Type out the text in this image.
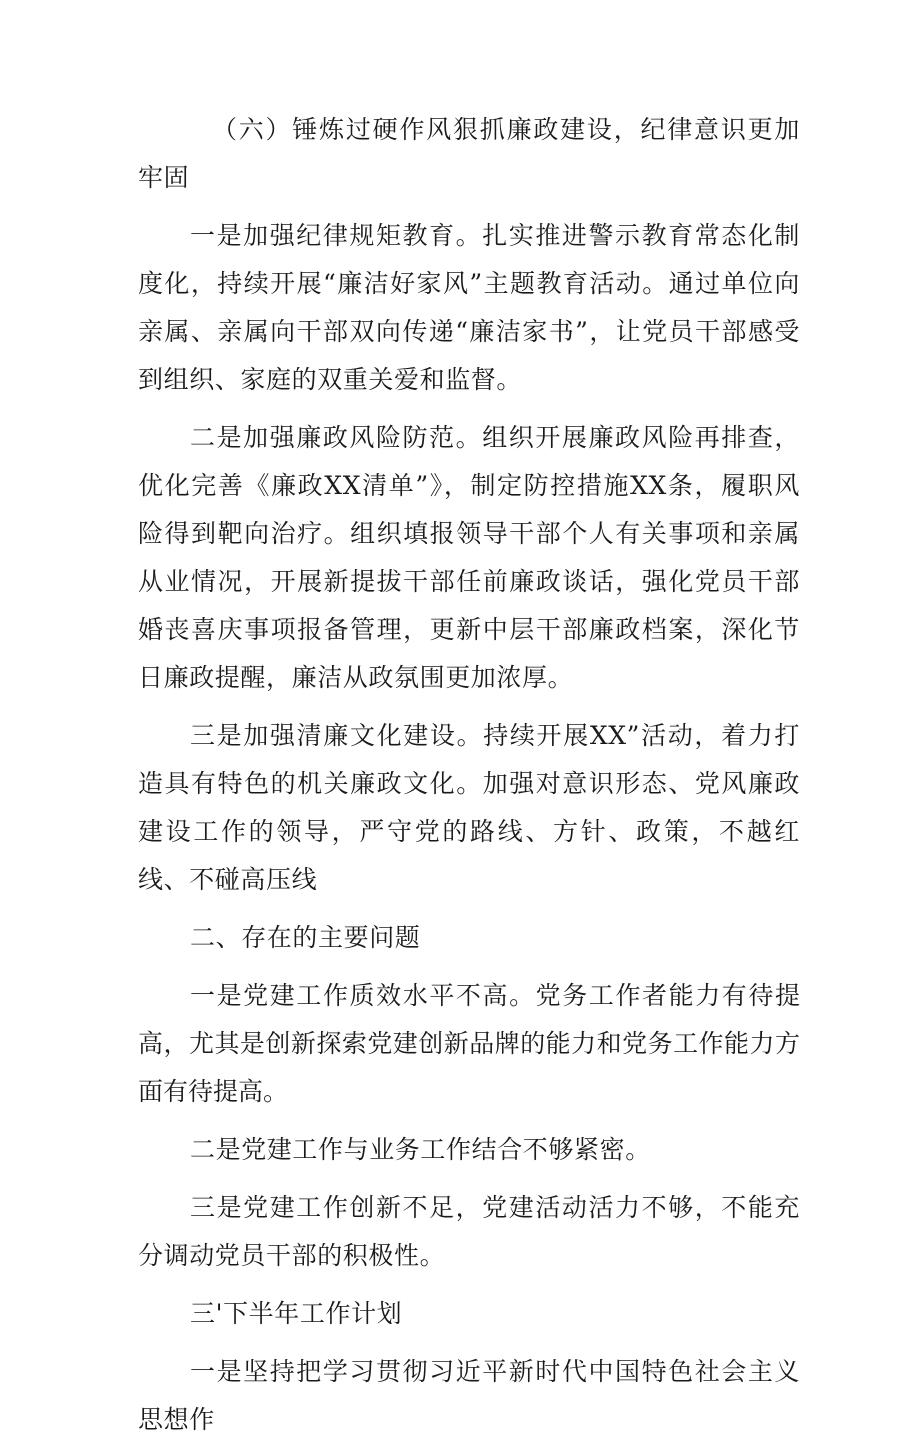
（六）锤炼过硬作风狠抓廉政建设，纪律意识更加牢固

一是加强纪律规矩教育。扎实推进警示教育常态化制度化，持续开展“廉洁好家风”主题教育活动。通过单位向亲属、亲属向干部双向传递“廉洁家书”，让党员干部感受到组织、家庭的双重关爱和监督。

二是加强廉政风险防范。组织开展廉政风险再排查，优化完善《廉政XX清单”》，制定防控措施XX条，履职风险得到靶向治疗。组织填报领导干部个人有关事项和亲属从业情况，开展新提拔干部任前廉政谈话，强化党员干部婚丧喜庆事项报备管理，更新中层干部廉政档案，深化节日廉政提醒，廉洁从政氛围更加浓厚。

三是加强清廉文化建设。持续开展XX”活动，着力打造具有特色的机关廉政文化。加强对意识形态、党风廉政建设工作的领导，严守党的路线、方针、政策，不越红线、不碰高压线

二、存在的主要问题

一是党建工作质效水平不高。党务工作者能力有待提高，尤其是创新探索党建创新品牌的能力和党务工作能力方面有待提高。

二是党建工作与业务工作结合不够紧密。

三是党建工作创新不足，党建活动活力不够，不能充分调动党员干部的积极性。

三'下半年工作计划

一是坚持把学习贯彻习近平新时代中国特色社会主义思想作
